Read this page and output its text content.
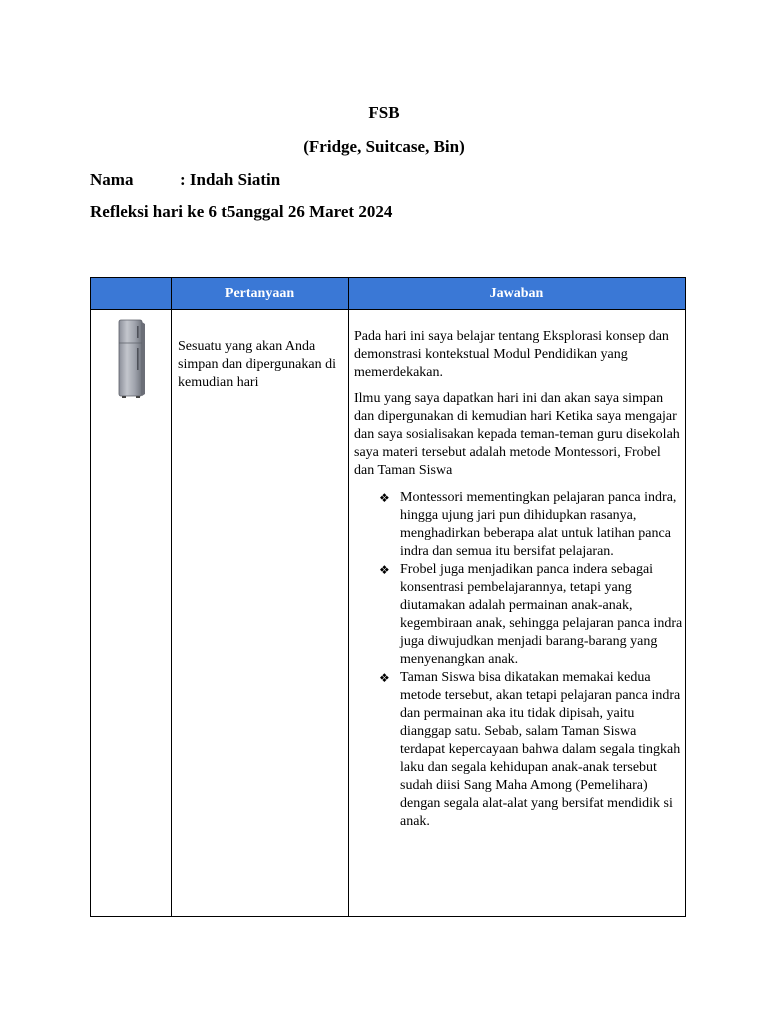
FSB
(Fridge, Suitcase, Bin)
Nama	: Indah Siatin
Refleksi hari ke 6 t5anggal 26 Maret 2024
Pertanyaan	Jawaban
Sesuatu yang akan Anda simpan dan dipergunakan di kemudian hari

Pada hari ini saya belajar tentang Eksplorasi konsep dan demonstrasi kontekstual Modul Pendidikan yang memerdekakan.

Ilmu yang saya dapatkan hari ini dan akan saya simpan dan dipergunakan di kemudian hari Ketika saya mengajar dan saya sosialisakan kepada teman-teman guru disekolah saya materi tersebut adalah metode Montessori, Frobel dan Taman Siswa

❖ Montessori mementingkan pelajaran panca indra, hingga ujung jari pun dihidupkan rasanya, menghadirkan beberapa alat untuk latihan panca indra dan semua itu bersifat pelajaran.
❖ Frobel juga menjadikan panca indera sebagai konsentrasi pembelajarannya, tetapi yang diutamakan adalah permainan anak-anak, kegembiraan anak, sehingga pelajaran panca indra juga diwujudkan menjadi barang-barang yang menyenangkan anak.
❖ Taman Siswa bisa dikatakan memakai kedua metode tersebut, akan tetapi pelajaran panca indra dan permainan aka itu tidak dipisah, yaitu dianggap satu. Sebab, salam Taman Siswa terdapat kepercayaan bahwa dalam segala tingkah laku dan segala kehidupan anak-anak tersebut sudah diisi Sang Maha Among (Pemelihara) dengan segala alat-alat yang bersifat mendidik si anak.
